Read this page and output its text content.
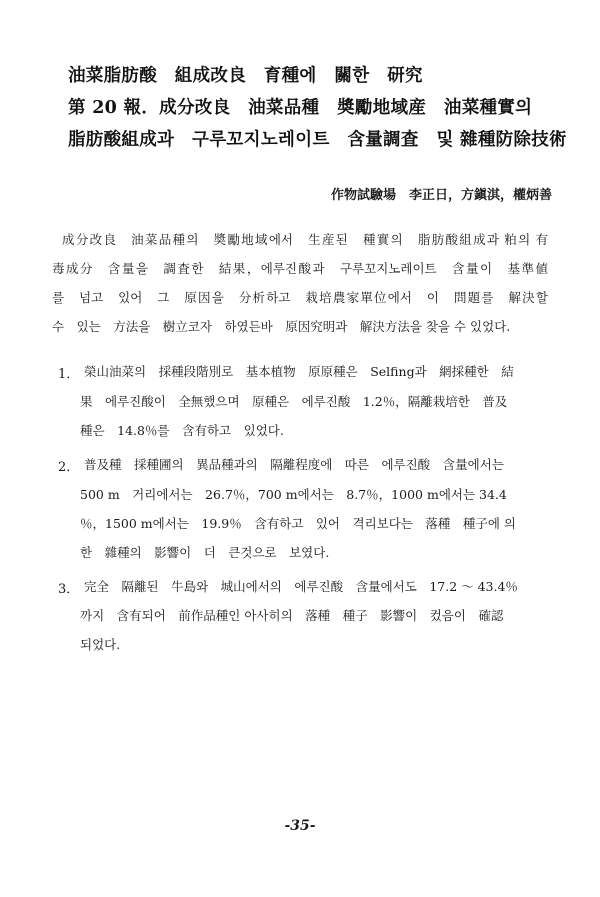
油菜脂肪酸　組成改良　育種에　關한　研究
第 20 報．成分改良　油菜品種　奬勵地域産　油菜種實의
脂肪酸組成과　구루꼬지노레이트　含量調査　및 雜種防除技術
作物試驗場　李正日，方鎭淇，權炳善
成分改良　油菜品種의　奬勵地域에서　生産된　種實의　脂肪酸組成과 粕의 有
毒成分　含量을　調査한　結果，에루진酸과　구루꼬지노레이트　含量이　基準値
를　넘고　있어　그　原因을　分析하고　栽培農家單位에서　이　問題를　解決할
수　있는　方法을　樹立코자　하였든바　原因究明과　解決方法을 찾을 수 있었다.
1． 榮山油菜의　採種段階別로　基本植物　原原種은　Selfing과　網採種한　結
果　에루진酸이　全無했으며　原種은　에루진酸　1.2％，隔離栽培한　普及
種은　14.8％를　含有하고　있었다.
2． 普及種　採種圃의　異品種과의　隔離程度에　따른　에루진酸　含量에서는
500 m　거리에서는　26.7％，700 m에서는　8.7％，1000 m에서는 34.4
％，1500 m에서는　19.9％　含有하고　있어　격리보다는　落種　種子에 의
한　雜種의　影響이　더　큰것으로　보였다.
3． 完全　隔離된　牛島와　城山에서의　에루진酸　含量에서도　17.2 ～ 43.4％
까지　含有되어　前作品種인 아사히의　落種　種子　影響이　컸음이　確認
되었다.
-35-
